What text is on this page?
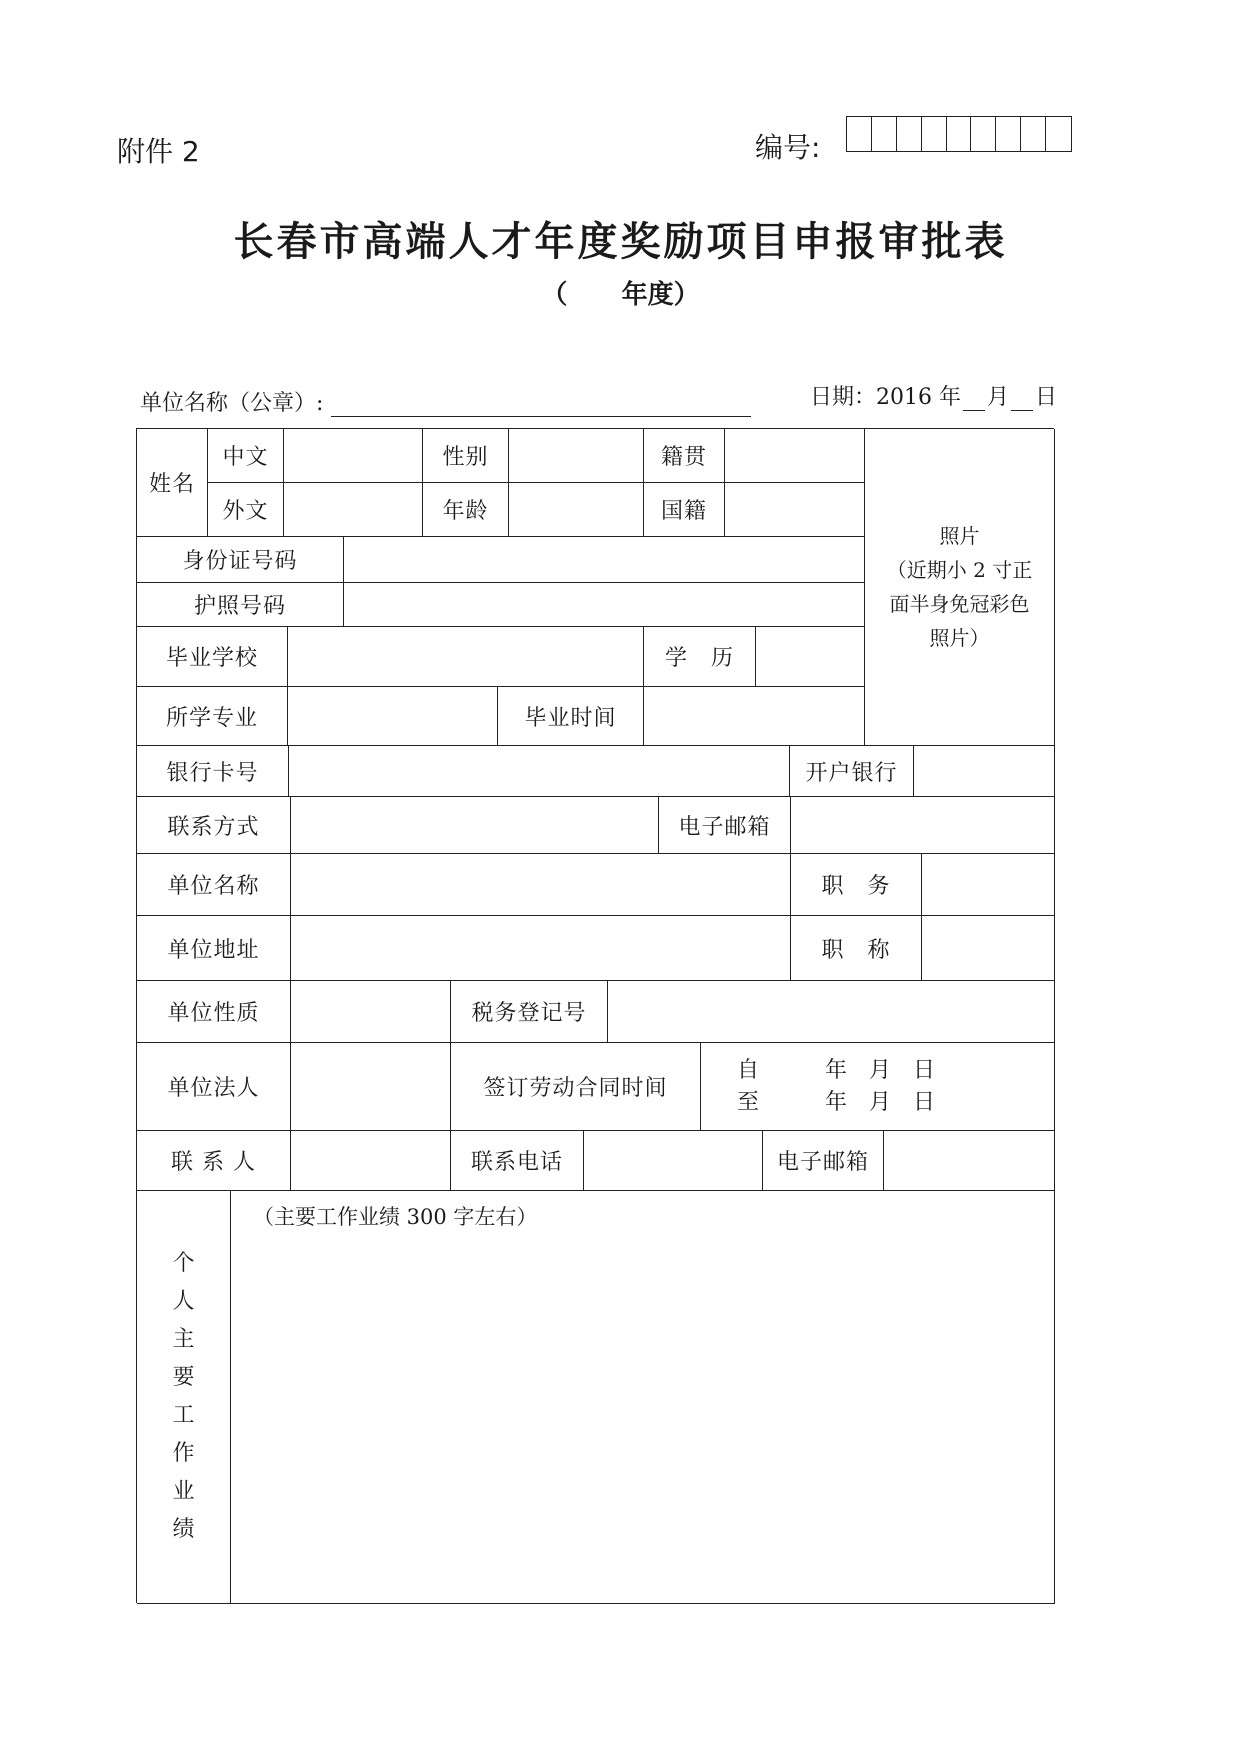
附件 2	编号:
长春市高端人才年度奖励项目申报审批表
（      年度）
单位名称（公章）:	日期：2016 年 月 日
姓名
中文	性别	籍贯
外文	年龄	国籍
照片
（近期小 2 寸正
面半身免冠彩色
照片）
身份证号码
护照号码
毕业学校	学　历
所学专业	毕业时间
银行卡号	开户银行
联系方式	电子邮箱
单位名称	职　务
单位地址	职　称
单位性质	税务登记号
单位法人	签订劳动合同时间
自　　　年　月　日
至　　　年　月　日
联 系 人	联系电话	电子邮箱
个
人
主
要
工
作
业
绩
（主要工作业绩 300 字左右）
